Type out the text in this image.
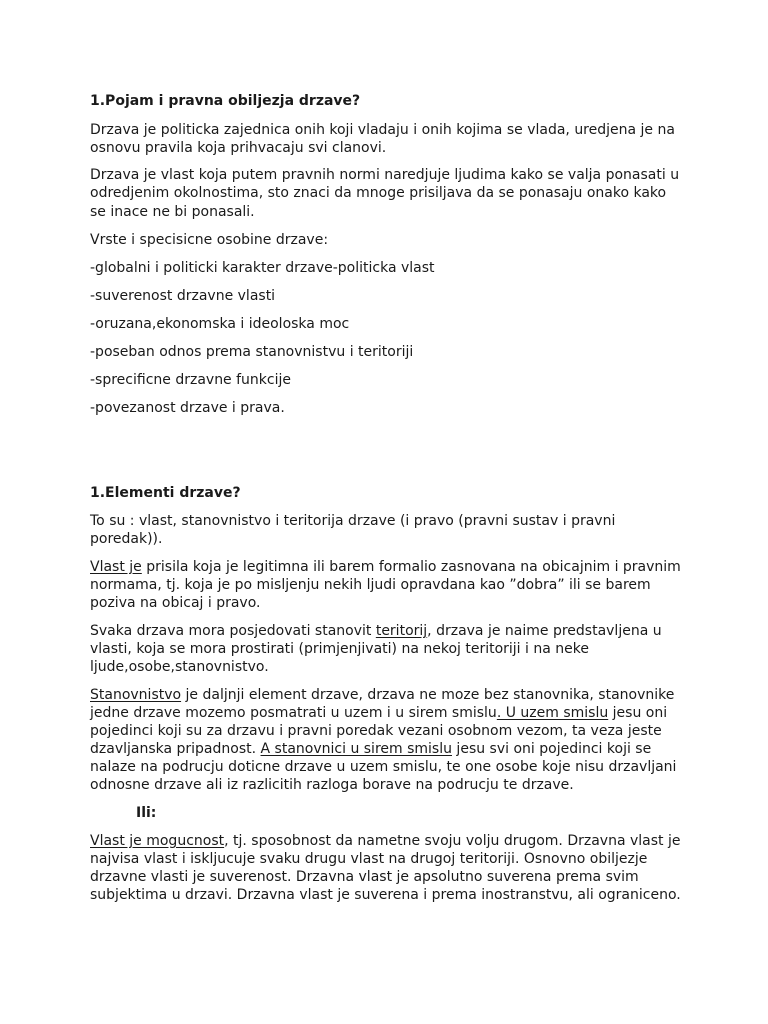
1.Pojam i pravna obiljezja drzave?
Drzava je politicka zajednica onih koji vladaju i onih kojima se vlada, uredjena je na
osnovu pravila koja prihvacaju svi clanovi.
Drzava je vlast koja putem pravnih normi naredjuje ljudima kako se valja ponasati u
odredjenim okolnostima, sto znaci da mnoge prisiljava da se ponasaju onako kako
se inace ne bi ponasali.
Vrste i specisicne osobine drzave:
-globalni i politicki karakter drzave-politicka vlast
-suverenost drzavne vlasti
-oruzana,ekonomska i ideoloska moc
-poseban odnos prema stanovnistvu i teritoriji
-sprecificne drzavne funkcije
-povezanost drzave i prava.
1.Elementi drzave?
To su : vlast, stanovnistvo i teritorija drzave (i pravo (pravni sustav i pravni
poredak)).
Vlast je prisila koja je legitimna ili barem formalio zasnovana na obicajnim i pravnim
normama, tj. koja je po misljenju nekih ljudi opravdana kao ”dobra” ili se barem
poziva na obicaj i pravo.
Svaka drzava mora posjedovati stanovit teritorij, drzava je naime predstavljena u
vlasti, koja se mora prostirati (primjenjivati) na nekoj teritoriji i na neke
ljude,osobe,stanovnistvo.
Stanovnistvo je daljnji element drzave, drzava ne moze bez stanovnika, stanovnike
jedne drzave mozemo posmatrati u uzem i u sirem smislu. U uzem smislu jesu oni
pojedinci koji su za drzavu i pravni poredak vezani osobnom vezom, ta veza jeste
dzavljanska pripadnost. A stanovnici u sirem smislu jesu svi oni pojedinci koji se
nalaze na podrucju doticne drzave u uzem smislu, te one osobe koje nisu drzavljani
odnosne drzave ali iz razlicitih razloga borave na podrucju te drzave.
Ili:
Vlast je mogucnost, tj. sposobnost da nametne svoju volju drugom. Drzavna vlast je
najvisa vlast i iskljucuje svaku drugu vlast na drugoj teritoriji. Osnovno obiljezje
drzavne vlasti je suverenost. Drzavna vlast je apsolutno suverena prema svim
subjektima u drzavi. Drzavna vlast je suverena i prema inostranstvu, ali ograniceno.
